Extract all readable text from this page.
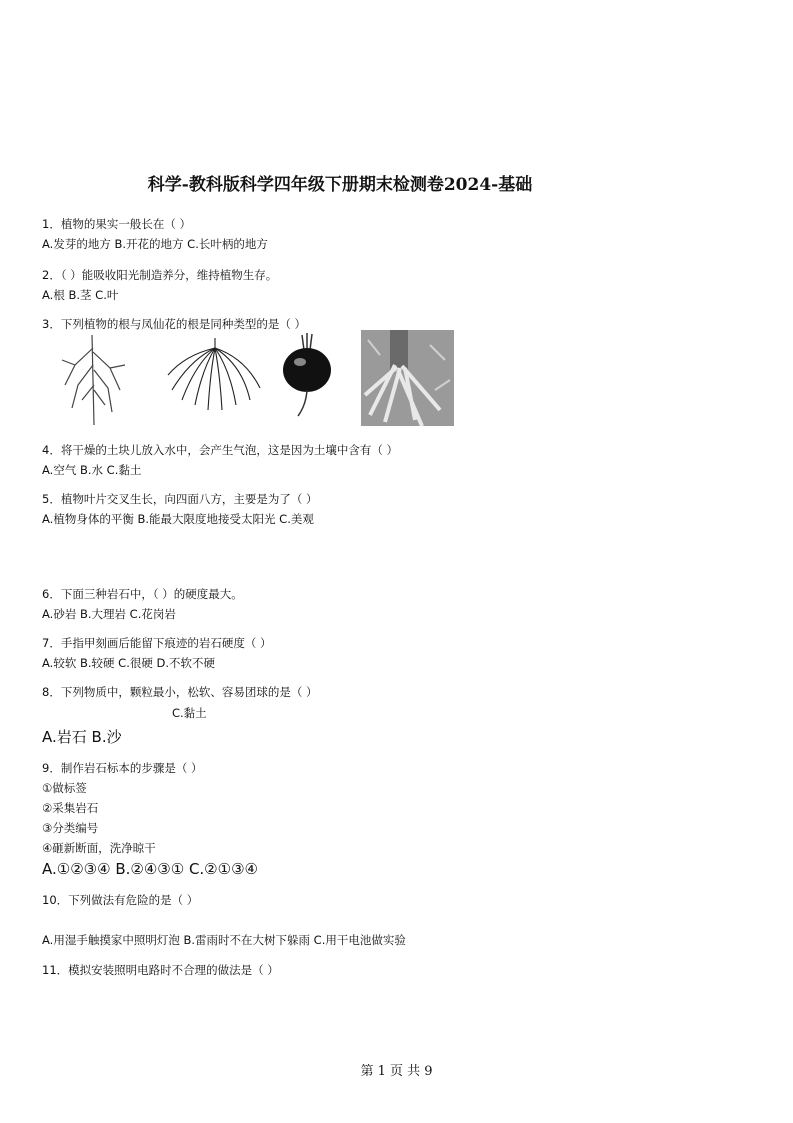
科学-教科版科学四年级下册期末检测卷2024-基础
1．植物的果实一般长在（ ）
A.发芽的地方 B.开花的地方 C.长叶柄的地方
2．（ ）能吸收阳光制造养分，维持植物生存。
A.根 B.茎 C.叶
3．下列植物的根与凤仙花的根是同种类型的是（ ）
4．将干燥的土块儿放入水中，会产生气泡，这是因为土壤中含有（ ）
A.空气 B.水 C.黏土
5．植物叶片交叉生长，向四面八方，主要是为了（ ）
A.植物身体的平衡 B.能最大限度地接受太阳光 C.美观
6．下面三种岩石中，（ ）的硬度最大。
A.砂岩 B.大理岩 C.花岗岩
7．手指甲刻画后能留下痕迹的岩石硬度（ ）
A.较软 B.较硬 C.很硬 D.不软不硬
8．下列物质中，颗粒最小，松软、容易团球的是（ ）
C.黏土
A.岩石 B.沙
9．制作岩石标本的步骤是（ ）
①做标签
②采集岩石
③分类编号
④砸新断面，洗净晾干
A.①②③④ B.②④③① C.②①③④
10．下列做法有危险的是（ ）
A.用湿手触摸家中照明灯泡 B.雷雨时不在大树下躲雨 C.用干电池做实验
11．模拟安装照明电路时不合理的做法是（ ）
第 1 页 共 9
